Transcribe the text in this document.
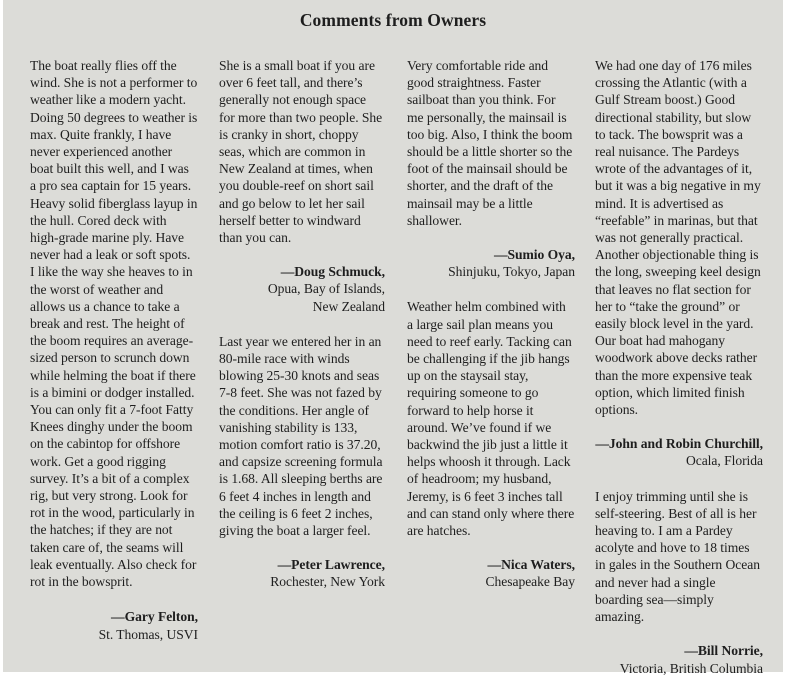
Comments from Owners

The boat really flies off the wind. She is not a performer to weather like a modern yacht. Doing 50 degrees to weather is max. Quite frankly, I have never experienced another boat built this well, and I was a pro sea captain for 15 years. Heavy solid fiberglass layup in the hull. Cored deck with high-grade marine ply. Have never had a leak or soft spots. I like the way she heaves to in the worst of weather and allows us a chance to take a break and rest. The height of the boom requires an average-sized person to scrunch down while helming the boat if there is a bimini or dodger installed. You can only fit a 7-foot Fatty Knees dinghy under the boom on the cabintop for offshore work. Get a good rigging survey. It’s a bit of a complex rig, but very strong. Look for rot in the wood, particularly in the hatches; if they are not taken care of, the seams will leak eventually. Also check for rot in the bowsprit.

—Gary Felton,
St. Thomas, USVI

She is a small boat if you are over 6 feet tall, and there’s generally not enough space for more than two people. She is cranky in short, choppy seas, which are common in New Zealand at times, when you double-reef on short sail and go below to let her sail herself better to windward than you can.

—Doug Schmuck,
Opua, Bay of Islands,
New Zealand

Last year we entered her in an 80-mile race with winds blowing 25-30 knots and seas 7-8 feet. She was not fazed by the conditions. Her angle of vanishing stability is 133, motion comfort ratio is 37.20, and capsize screening formula is 1.68. All sleeping berths are 6 feet 4 inches in length and the ceiling is 6 feet 2 inches, giving the boat a larger feel.

—Peter Lawrence,
Rochester, New York

Very comfortable ride and good straightness. Faster sailboat than you think. For me personally, the mainsail is too big. Also, I think the boom should be a little shorter so the foot of the mainsail should be shorter, and the draft of the mainsail may be a little shallower.

—Sumio Oya,
Shinjuku, Tokyo, Japan

Weather helm combined with a large sail plan means you need to reef early. Tacking can be challenging if the jib hangs up on the staysail stay, requiring someone to go forward to help horse it around. We’ve found if we backwind the jib just a little it helps whoosh it through. Lack of headroom; my husband, Jeremy, is 6 feet 3 inches tall and can stand only where there are hatches.

—Nica Waters,
Chesapeake Bay

We had one day of 176 miles crossing the Atlantic (with a Gulf Stream boost.) Good directional stability, but slow to tack. The bowsprit was a real nuisance. The Pardeys wrote of the advantages of it, but it was a big negative in my mind. It is advertised as “reefable” in marinas, but that was not generally practical. Another objectionable thing is the long, sweeping keel design that leaves no flat section for her to “take the ground” or easily block level in the yard. Our boat had mahogany woodwork above decks rather than the more expensive teak option, which limited finish options.

—John and Robin Churchill,
Ocala, Florida

I enjoy trimming until she is self-steering. Best of all is her heaving to. I am a Pardey acolyte and hove to 18 times in gales in the Southern Ocean and never had a single boarding sea—simply amazing.

—Bill Norrie,
Victoria, British Columbia
